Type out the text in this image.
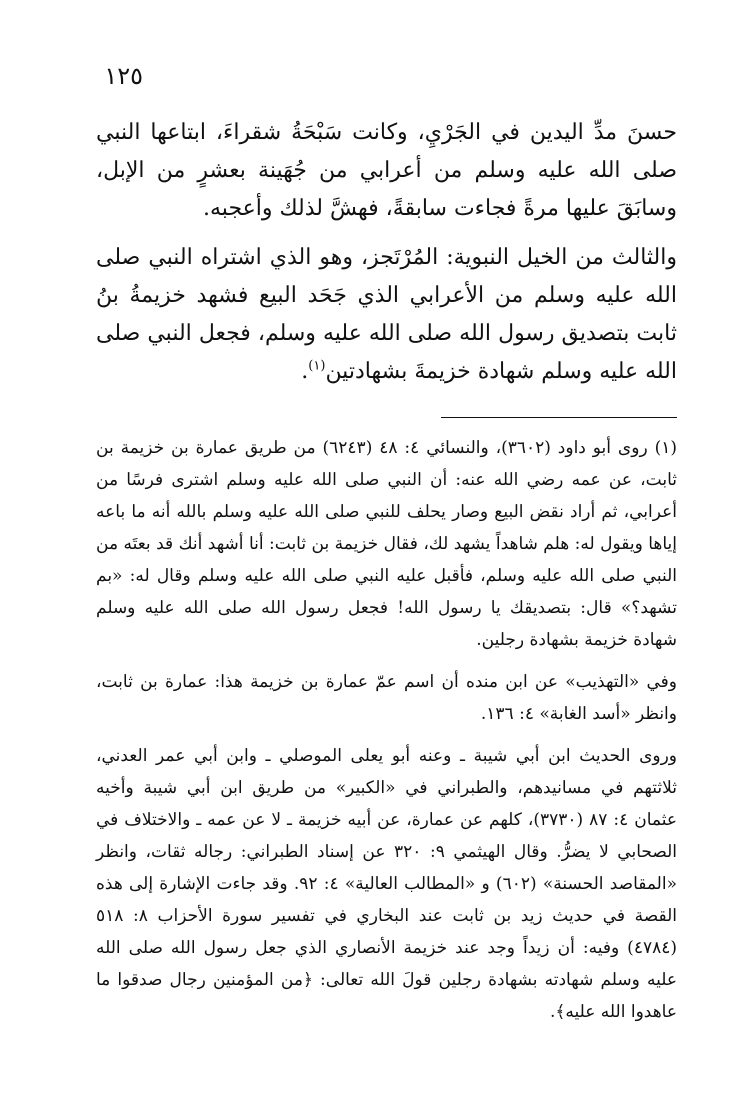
١٢٥

حسنَ مدِّ اليدين في الجَرْيِ، وكانت سَبْحَةُ شقراءَ، ابتاعها النبي صلى الله عليه وسلم من أعرابي من جُهَينة بعشرٍ من الإبل، وسابَقَ عليها مرةً فجاءت سابقةً، فهشَّ لذلك وأعجبه.

والثالث من الخيل النبوية: المُرْتَجز، وهو الذي اشتراه النبي صلى الله عليه وسلم من الأعرابي الذي جَحَد البيع فشهد خزيمةُ بنُ ثابت بتصديق رسول الله صلى الله عليه وسلم، فجعل النبي صلى الله عليه وسلم شهادة خزيمةَ بشهادتين$^{(١)}$.

(١) روى أبو داود (٣٦٠٢)، والنسائي ٤: ٤٨ (٦٢٤٣) من طريق عمارة بن خزيمة بن ثابت، عن عمه رضي الله عنه: أن النبي صلى الله عليه وسلم اشترى فرسًا من أعرابي، ثم أراد نقض البيع وصار يحلف للنبي صلى الله عليه وسلم بالله أنه ما باعه إياها ويقول له: هلم شاهداً يشهد لك، فقال خزيمة بن ثابت: أنا أشهد أنك قد بعتَه من النبي صلى الله عليه وسلم، فأقبل عليه النبي صلى الله عليه وسلم وقال له: «بم تشهد؟» قال: بتصديقك يا رسول الله! فجعل رسول الله صلى الله عليه وسلم شهادة خزيمة بشهادة رجلين.

وفي «التهذيب» عن ابن منده أن اسم عمّ عمارة بن خزيمة هذا: عمارة بن ثابت، وانظر «أسد الغابة» ٤: ١٣٦.

وروى الحديث ابن أبي شيبة ـ وعنه أبو يعلى الموصلي ـ وابن أبي عمر العدني، ثلاثتهم في مسانيدهم، والطبراني في «الكبير» من طريق ابن أبي شيبة وأخيه عثمان ٤: ٨٧ (٣٧٣٠)، كلهم عن عمارة، عن أبيه خزيمة ـ لا عن عمه ـ والاختلاف في الصحابي لا يضرُّ. وقال الهيثمي ٩: ٣٢٠ عن إسناد الطبراني: رجاله ثقات، وانظر «المقاصد الحسنة» (٦٠٢) و «المطالب العالية» ٤: ٩٢. وقد جاءت الإشارة إلى هذه القصة في حديث زيد بن ثابت عند البخاري في تفسير سورة الأحزاب ٨: ٥١٨ (٤٧٨٤) وفيه: أن زيداً وجد عند خزيمة الأنصاري الذي جعل رسول الله صلى الله عليه وسلم شهادته بشهادة رجلين قولَ الله تعالى: ﴿من المؤمنين رجال صدقوا ما عاهدوا الله عليه﴾.
